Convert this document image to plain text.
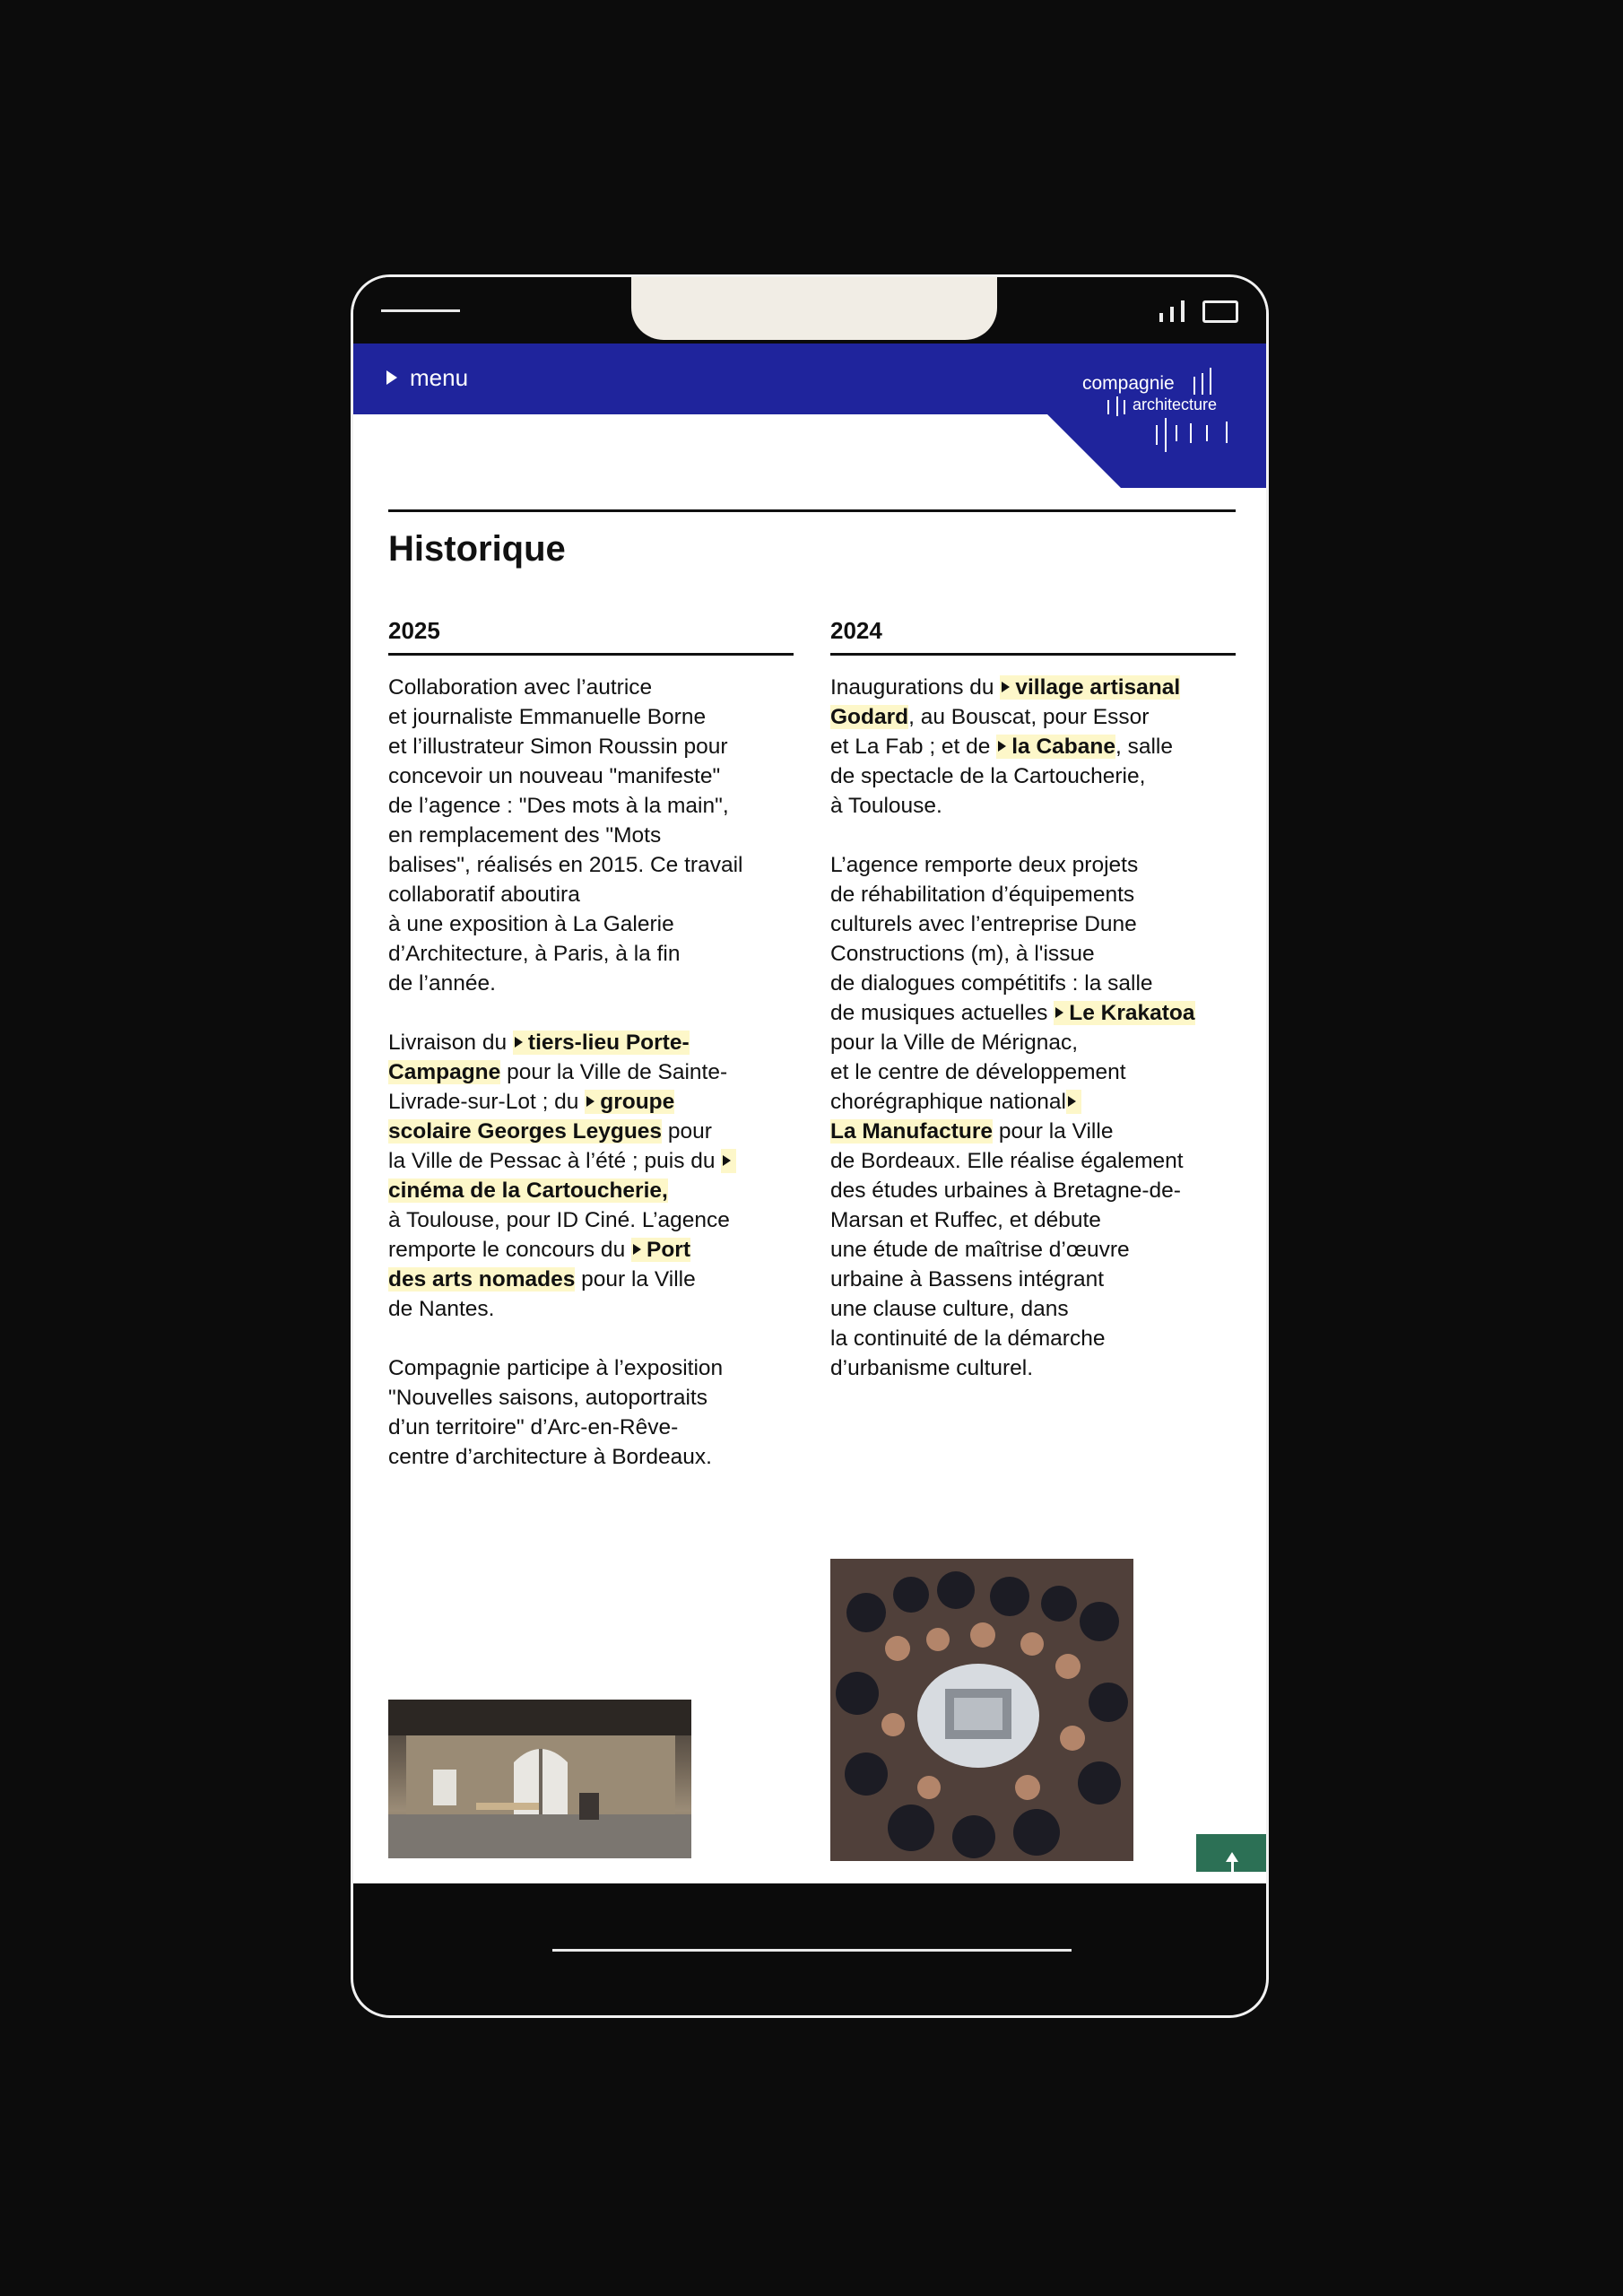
menu	compagnie
architecture
Historique
2025

Collaboration avec l’autrice
et journaliste Emmanuelle Borne
et l’illustrateur Simon Roussin pour
concevoir un nouveau "manifeste"
de l’agence : "Des mots à la main",
en remplacement des "Mots
balises", réalisés en 2015. Ce travail
collaboratif aboutira
à une exposition à La Galerie
d’Architecture, à Paris, à la fin
de l’année.

Livraison du tiers-lieu Porte-
Campagne pour la Ville de Sainte-
Livrade-sur-Lot ; du groupe
scolaire Georges Leygues pour
la Ville de Pessac à l’été ; puis du
cinéma de la Cartoucherie,
à Toulouse, pour ID Ciné. L’agence
remporte le concours du Port
des arts nomades pour la Ville
de Nantes.

Compagnie participe à l’exposition
"Nouvelles saisons, autoportraits
d’un territoire" d’Arc-en-Rêve-
centre d’architecture à Bordeaux.

2024

Inaugurations du village artisanal
Godard, au Bouscat, pour Essor
et La Fab ; et de la Cabane, salle
de spectacle de la Cartoucherie,
à Toulouse.

L’agence remporte deux projets
de réhabilitation d’équipements
culturels avec l’entreprise Dune
Constructions (m), à l'issue
de dialogues compétitifs : la salle
de musiques actuelles Le Krakatoa
pour la Ville de Mérignac,
et le centre de développement
chorégraphique national
La Manufacture pour la Ville
de Bordeaux. Elle réalise également
des études urbaines à Bretagne-de-
Marsan et Ruffec, et débute
une étude de maîtrise d’œuvre
urbaine à Bassens intégrant
une clause culture, dans
la continuité de la démarche
d’urbanisme culturel.
